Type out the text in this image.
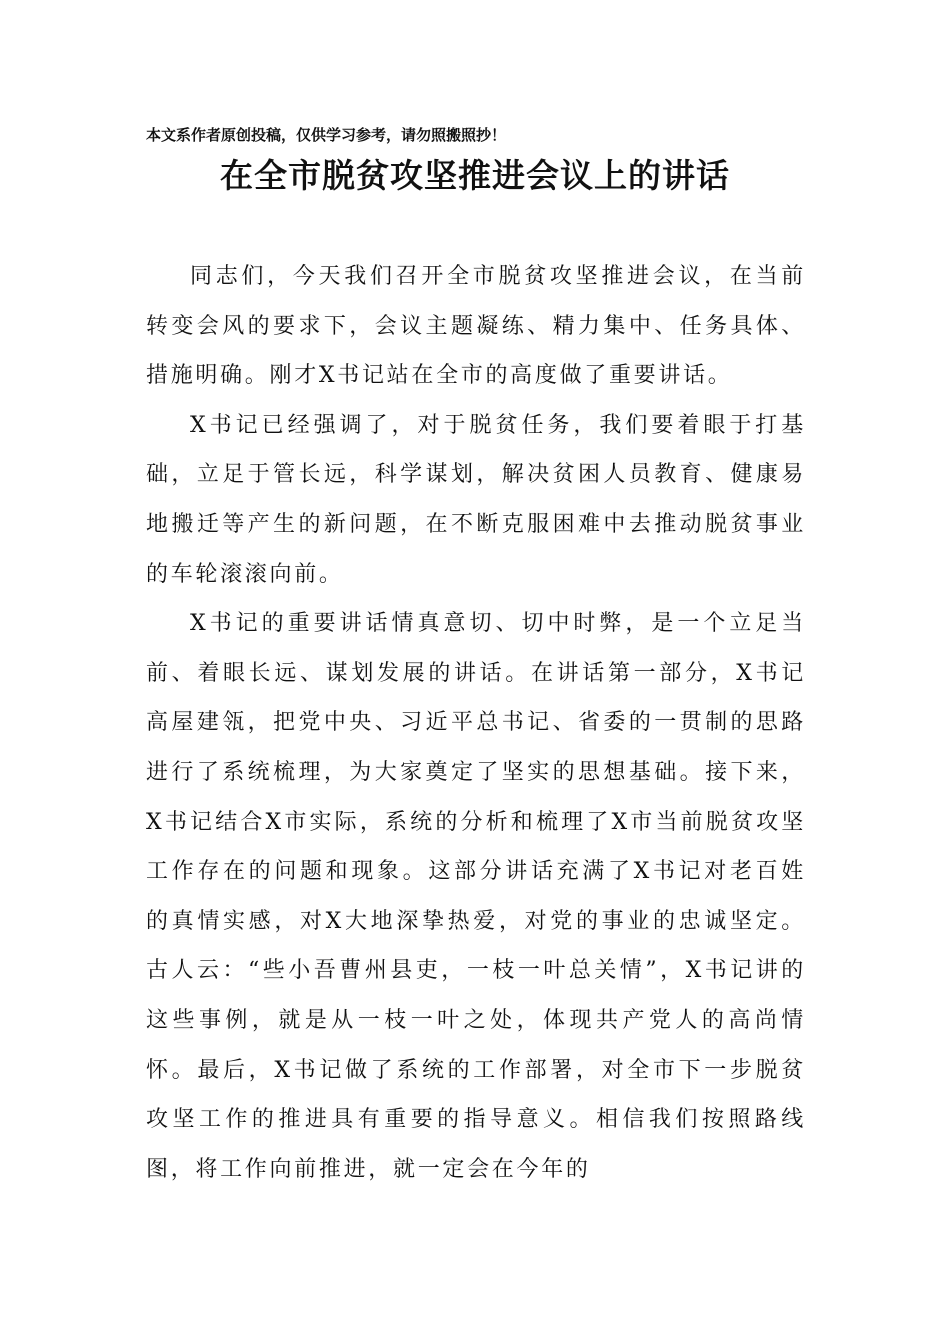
本文系作者原创投稿，仅供学习参考，请勿照搬照抄！
在全市脱贫攻坚推进会议上的讲话

同志们，今天我们召开全市脱贫攻坚推进会议，在当前转变会风的要求下，会议主题凝练、精力集中、任务具体、措施明确。刚才X书记站在全市的高度做了重要讲话。

X书记已经强调了，对于脱贫任务，我们要着眼于打基础，立足于管长远，科学谋划，解决贫困人员教育、健康易地搬迁等产生的新问题，在不断克服困难中去推动脱贫事业的车轮滚滚向前。

X书记的重要讲话情真意切、切中时弊，是一个立足当前、着眼长远、谋划发展的讲话。在讲话第一部分，X书记高屋建瓴，把党中央、习近平总书记、省委的一贯制的思路进行了系统梳理，为大家奠定了坚实的思想基础。接下来，X书记结合X市实际，系统的分析和梳理了X市当前脱贫攻坚工作存在的问题和现象。这部分讲话充满了X书记对老百姓的真情实感，对X大地深挚热爱，对党的事业的忠诚坚定。古人云：“些小吾曹州县吏，一枝一叶总关情”，X书记讲的这些事例，就是从一枝一叶之处，体现共产党人的高尚情怀。最后，X书记做了系统的工作部署，对全市下一步脱贫攻坚工作的推进具有重要的指导意义。相信我们按照路线图，将工作向前推进，就一定会在今年的
